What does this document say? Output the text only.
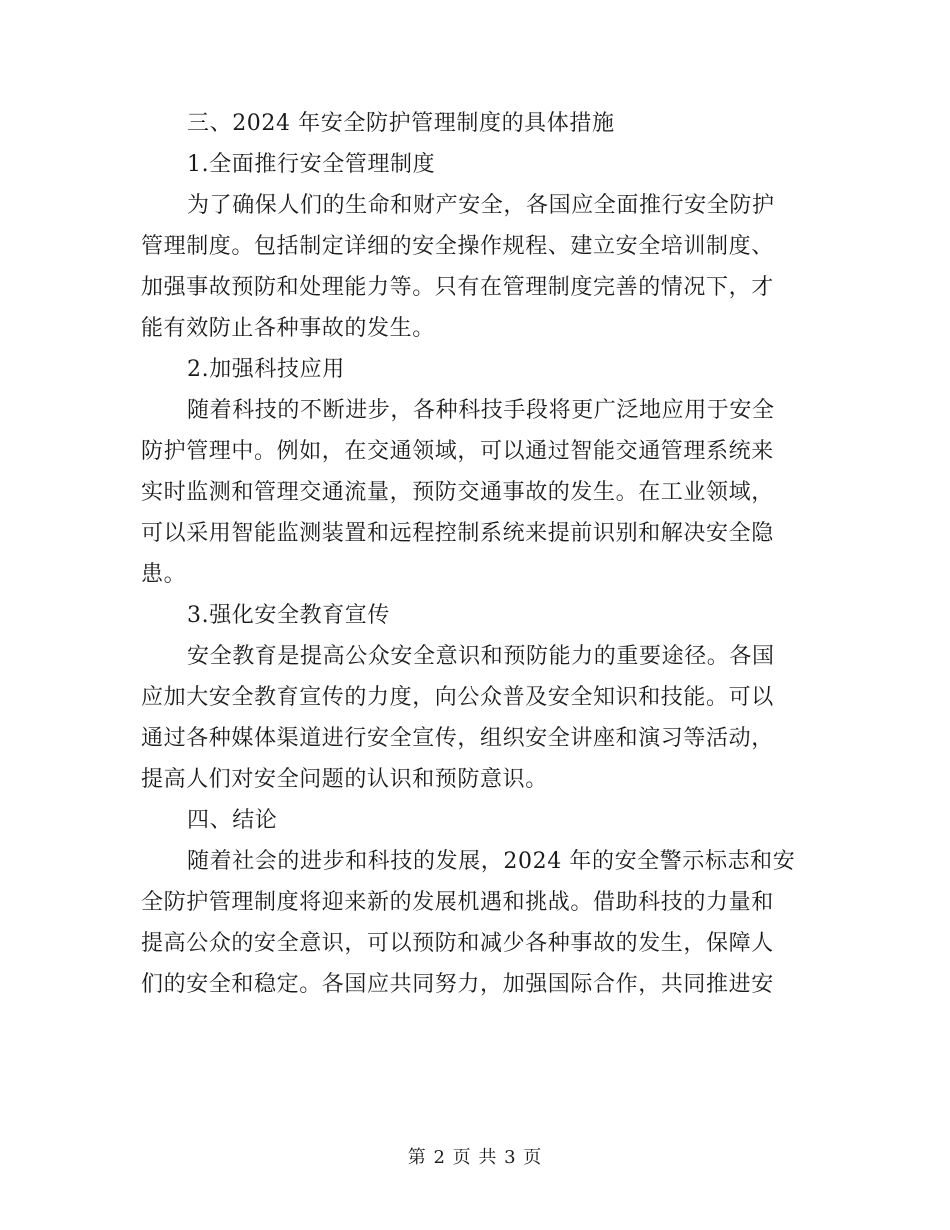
三、2024 年安全防护管理制度的具体措施

1.全面推行安全管理制度

为了确保人们的生命和财产安全，各国应全面推行安全防护

管理制度。包括制定详细的安全操作规程、建立安全培训制度、

加强事故预防和处理能力等。只有在管理制度完善的情况下，才

能有效防止各种事故的发生。

2.加强科技应用

随着科技的不断进步，各种科技手段将更广泛地应用于安全

防护管理中。例如，在交通领域，可以通过智能交通管理系统来

实时监测和管理交通流量，预防交通事故的发生。在工业领域，

可以采用智能监测装置和远程控制系统来提前识别和解决安全隐

患。

3.强化安全教育宣传

安全教育是提高公众安全意识和预防能力的重要途径。各国

应加大安全教育宣传的力度，向公众普及安全知识和技能。可以

通过各种媒体渠道进行安全宣传，组织安全讲座和演习等活动，

提高人们对安全问题的认识和预防意识。

四、结论

随着社会的进步和科技的发展，2024 年的安全警示标志和安

全防护管理制度将迎来新的发展机遇和挑战。借助科技的力量和

提高公众的安全意识，可以预防和减少各种事故的发生，保障人

们的安全和稳定。各国应共同努力，加强国际合作，共同推进安

第 2 页 共 3 页
